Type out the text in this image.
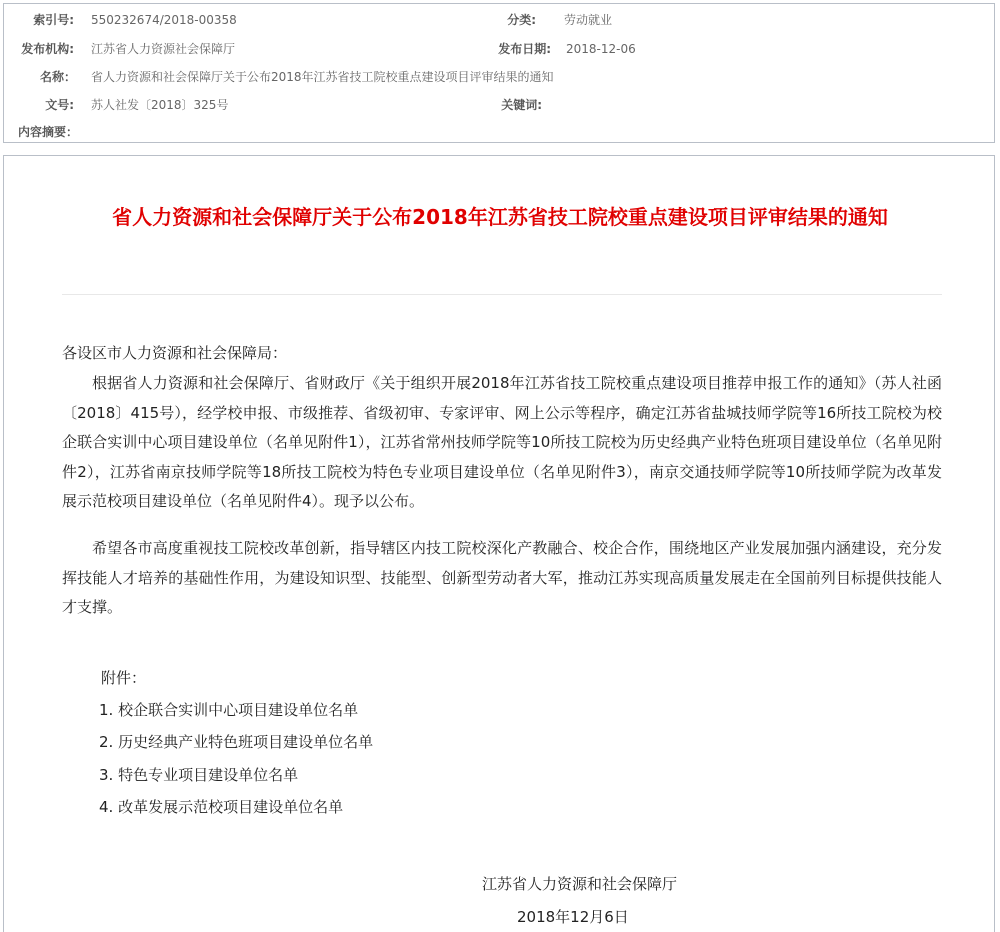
索引号: 550232674/2018-00358	分类: 劳动就业
发布机构: 江苏省人力资源社会保障厅	发布日期: 2018-12-06
名称： 省人力资源和社会保障厅关于公布2018年江苏省技工院校重点建设项目评审结果的通知
文号: 苏人社发〔2018〕325号	关键词:
内容摘要：
省人力资源和社会保障厅关于公布2018年江苏省技工院校重点建设项目评审结果的通知

各设区市人力资源和社会保障局：

根据省人力资源和社会保障厅、省财政厅《关于组织开展2018年江苏省技工院校重点建设项目推荐申报工作的通知》（苏人社函〔2018〕415号），经学校申报、市级推荐、省级初审、专家评审、网上公示等程序，确定江苏省盐城技师学院等16所技工院校为校企联合实训中心项目建设单位（名单见附件1），江苏省常州技师学院等10所技工院校为历史经典产业特色班项目建设单位（名单见附件2），江苏省南京技师学院等18所技工院校为特色专业项目建设单位（名单见附件3），南京交通技师学院等10所技师学院为改革发展示范校项目建设单位（名单见附件4）。现予以公布。

希望各市高度重视技工院校改革创新，指导辖区内技工院校深化产教融合、校企合作，围绕地区产业发展加强内涵建设，充分发挥技能人才培养的基础性作用，为建设知识型、技能型、创新型劳动者大军，推动江苏实现高质量发展走在全国前列目标提供技能人才支撑。

附件：
1. 校企联合实训中心项目建设单位名单
2. 历史经典产业特色班项目建设单位名单
3. 特色专业项目建设单位名单
4. 改革发展示范校项目建设单位名单
江苏省人力资源和社会保障厅
2018年12月6日
